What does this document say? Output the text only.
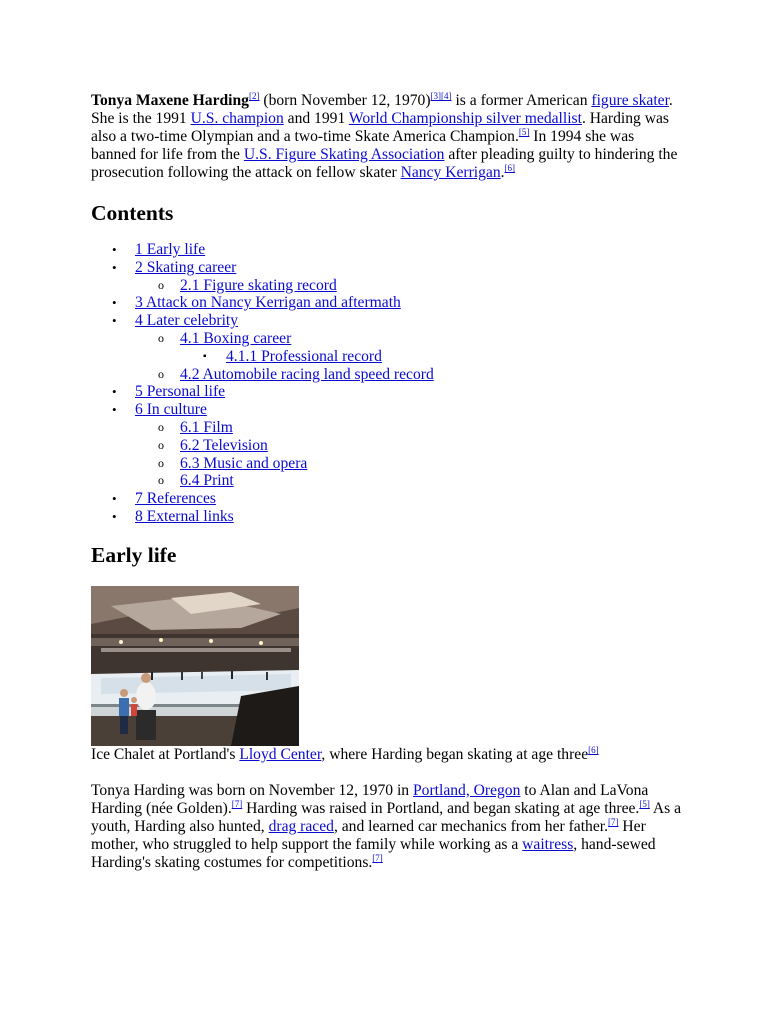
Tonya Maxene Harding[2] (born November 12, 1970)[3][4] is a former American figure skater. She is the 1991 U.S. champion and 1991 World Championship silver medallist. Harding was also a two-time Olympian and a two-time Skate America Champion.[5] In 1994 she was banned for life from the U.S. Figure Skating Association after pleading guilty to hindering the prosecution following the attack on fellow skater Nancy Kerrigan.[6]

Contents
• 1 Early life
• 2 Skating career
o 2.1 Figure skating record
• 3 Attack on Nancy Kerrigan and aftermath
• 4 Later celebrity
o 4.1 Boxing career
▪ 4.1.1 Professional record
o 4.2 Automobile racing land speed record
• 5 Personal life
• 6 In culture
o 6.1 Film
o 6.2 Television
o 6.3 Music and opera
o 6.4 Print
• 7 References
• 8 External links
Early life

Ice Chalet at Portland's Lloyd Center, where Harding began skating at age three[6]

Tonya Harding was born on November 12, 1970 in Portland, Oregon to Alan and LaVona Harding (née Golden).[7] Harding was raised in Portland, and began skating at age three.[5] As a youth, Harding also hunted, drag raced, and learned car mechanics from her father.[7] Her mother, who struggled to help support the family while working as a waitress, hand-sewed Harding's skating costumes for competitions.[7]
